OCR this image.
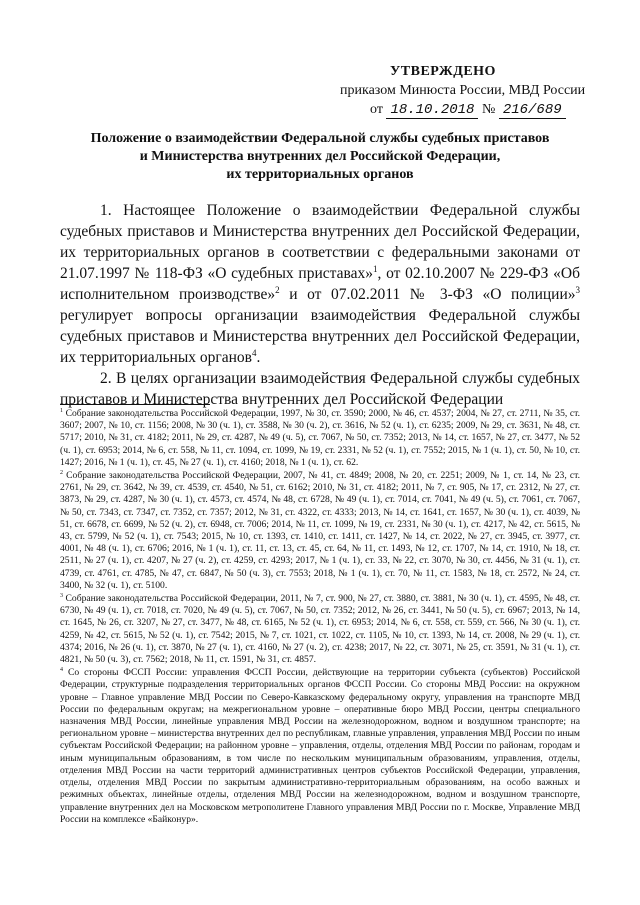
УТВЕРЖДЕНО
приказом Минюста России, МВД России
от 18.10.2018 № 216/689
Положение о взаимодействии Федеральной службы судебных приставов
и Министерства внутренних дел Российской Федерации,
их территориальных органов

1. Настоящее Положение о взаимодействии Федеральной службы судебных приставов и Министерства внутренних дел Российской Федерации, их территориальных органов в соответствии с федеральными законами от 21.07.1997 № 118-ФЗ «О судебных приставах»$^1$, от 02.10.2007 № 229-ФЗ «Об исполнительном производстве»$^2$ и от 07.02.2011 № 3-ФЗ «О полиции»$^3$ регулирует вопросы организации взаимодействия Федеральной службы судебных приставов и Министерства внутренних дел Российской Федерации, их территориальных органов$^4$.

2. В целях организации взаимодействия Федеральной службы судебных приставов и Министерства внутренних дел Российской Федерации

$^1$ Собрание законодательства Российской Федерации, 1997, № 30, ст. 3590; 2000, № 46, ст. 4537; 2004, № 27, ст. 2711, № 35, ст. 3607; 2007, № 10, ст. 1156; 2008, № 30 (ч. 1), ст. 3588, № 30 (ч. 2), ст. 3616, № 52 (ч. 1), ст. 6235; 2009, № 29, ст. 3631, № 48, ст. 5717; 2010, № 31, ст. 4182; 2011, № 29, ст. 4287, № 49 (ч. 5), ст. 7067, № 50, ст. 7352; 2013, № 14, ст. 1657, № 27, ст. 3477, № 52 (ч. 1), ст. 6953; 2014, № 6, ст. 558, № 11, ст. 1094, ст. 1099, № 19, ст. 2331, № 52 (ч. 1), ст. 7552; 2015, № 1 (ч. 1), ст. 50, № 10, ст. 1427; 2016, № 1 (ч. 1), ст. 45, № 27 (ч. 1), ст. 4160; 2018, № 1 (ч. 1), ст. 62.

$^2$ Собрание законодательства Российской Федерации, 2007, № 41, ст. 4849; 2008, № 20, ст. 2251; 2009, № 1, ст. 14, № 23, ст. 2761, № 29, ст. 3642, № 39, ст. 4539, ст. 4540, № 51, ст. 6162; 2010, № 31, ст. 4182; 2011, № 7, ст. 905, № 17, ст. 2312, № 27, ст. 3873, № 29, ст. 4287, № 30 (ч. 1), ст. 4573, ст. 4574, № 48, ст. 6728, № 49 (ч. 1), ст. 7014, ст. 7041, № 49 (ч. 5), ст. 7061, ст. 7067, № 50, ст. 7343, ст. 7347, ст. 7352, ст. 7357; 2012, № 31, ст. 4322, ст. 4333; 2013, № 14, ст. 1641, ст. 1657, № 30 (ч. 1), ст. 4039, № 51, ст. 6678, ст. 6699, № 52 (ч. 2), ст. 6948, ст. 7006; 2014, № 11, ст. 1099, № 19, ст. 2331, № 30 (ч. 1), ст. 4217, № 42, ст. 5615, № 43, ст. 5799, № 52 (ч. 1), ст. 7543; 2015, № 10, ст. 1393, ст. 1410, ст. 1411, ст. 1427, № 14, ст. 2022, № 27, ст. 3945, ст. 3977, ст. 4001, № 48 (ч. 1), ст. 6706; 2016, № 1 (ч. 1), ст. 11, ст. 13, ст. 45, ст. 64, № 11, ст. 1493, № 12, ст. 1707, № 14, ст. 1910, № 18, ст. 2511, № 27 (ч. 1), ст. 4207, № 27 (ч. 2), ст. 4259, ст. 4293; 2017, № 1 (ч. 1), ст. 33, № 22, ст. 3070, № 30, ст. 4456, № 31 (ч. 1), ст. 4739, ст. 4761, ст. 4785, № 47, ст. 6847, № 50 (ч. 3), ст. 7553; 2018, № 1 (ч. 1), ст. 70, № 11, ст. 1583, № 18, ст. 2572, № 24, ст. 3400, № 32 (ч. 1), ст. 5100.

$^3$ Собрание законодательства Российской Федерации, 2011, № 7, ст. 900, № 27, ст. 3880, ст. 3881, № 30 (ч. 1), ст. 4595, № 48, ст. 6730, № 49 (ч. 1), ст. 7018, ст. 7020, № 49 (ч. 5), ст. 7067, № 50, ст. 7352; 2012, № 26, ст. 3441, № 50 (ч. 5), ст. 6967; 2013, № 14, ст. 1645, № 26, ст. 3207, № 27, ст. 3477, № 48, ст. 6165, № 52 (ч. 1), ст. 6953; 2014, № 6, ст. 558, ст. 559, ст. 566, № 30 (ч. 1), ст. 4259, № 42, ст. 5615, № 52 (ч. 1), ст. 7542; 2015, № 7, ст. 1021, ст. 1022, ст. 1105, № 10, ст. 1393, № 14, ст. 2008, № 29 (ч. 1), ст. 4374; 2016, № 26 (ч. 1), ст. 3870, № 27 (ч. 1), ст. 4160, № 27 (ч. 2), ст. 4238; 2017, № 22, ст. 3071, № 25, ст. 3591, № 31 (ч. 1), ст. 4821, № 50 (ч. 3), ст. 7562; 2018, № 11, ст. 1591, № 31, ст. 4857.

$^4$ Со стороны ФССП России: управления ФССП России, действующие на территории субъекта (субъектов) Российской Федерации, структурные подразделения территориальных органов ФССП России. Со стороны МВД России: на окружном уровне – Главное управление МВД России по Северо-Кавказскому федеральному округу, управления на транспорте МВД России по федеральным округам; на межрегиональном уровне – оперативные бюро МВД России, центры специального назначения МВД России, линейные управления МВД России на железнодорожном, водном и воздушном транспорте; на региональном уровне – министерства внутренних дел по республикам, главные управления, управления МВД России по иным субъектам Российской Федерации; на районном уровне – управления, отделы, отделения МВД России по районам, городам и иным муниципальным образованиям, в том числе по нескольким муниципальным образованиям, управления, отделы, отделения МВД России на части территорий административных центров субъектов Российской Федерации, управления, отделы, отделения МВД России по закрытым административно-территориальным образованиям, на особо важных и режимных объектах, линейные отделы, отделения МВД России на железнодорожном, водном и воздушном транспорте, управление внутренних дел на Московском метрополитене Главного управления МВД России по г. Москве, Управление МВД России на комплексе «Байконур».
